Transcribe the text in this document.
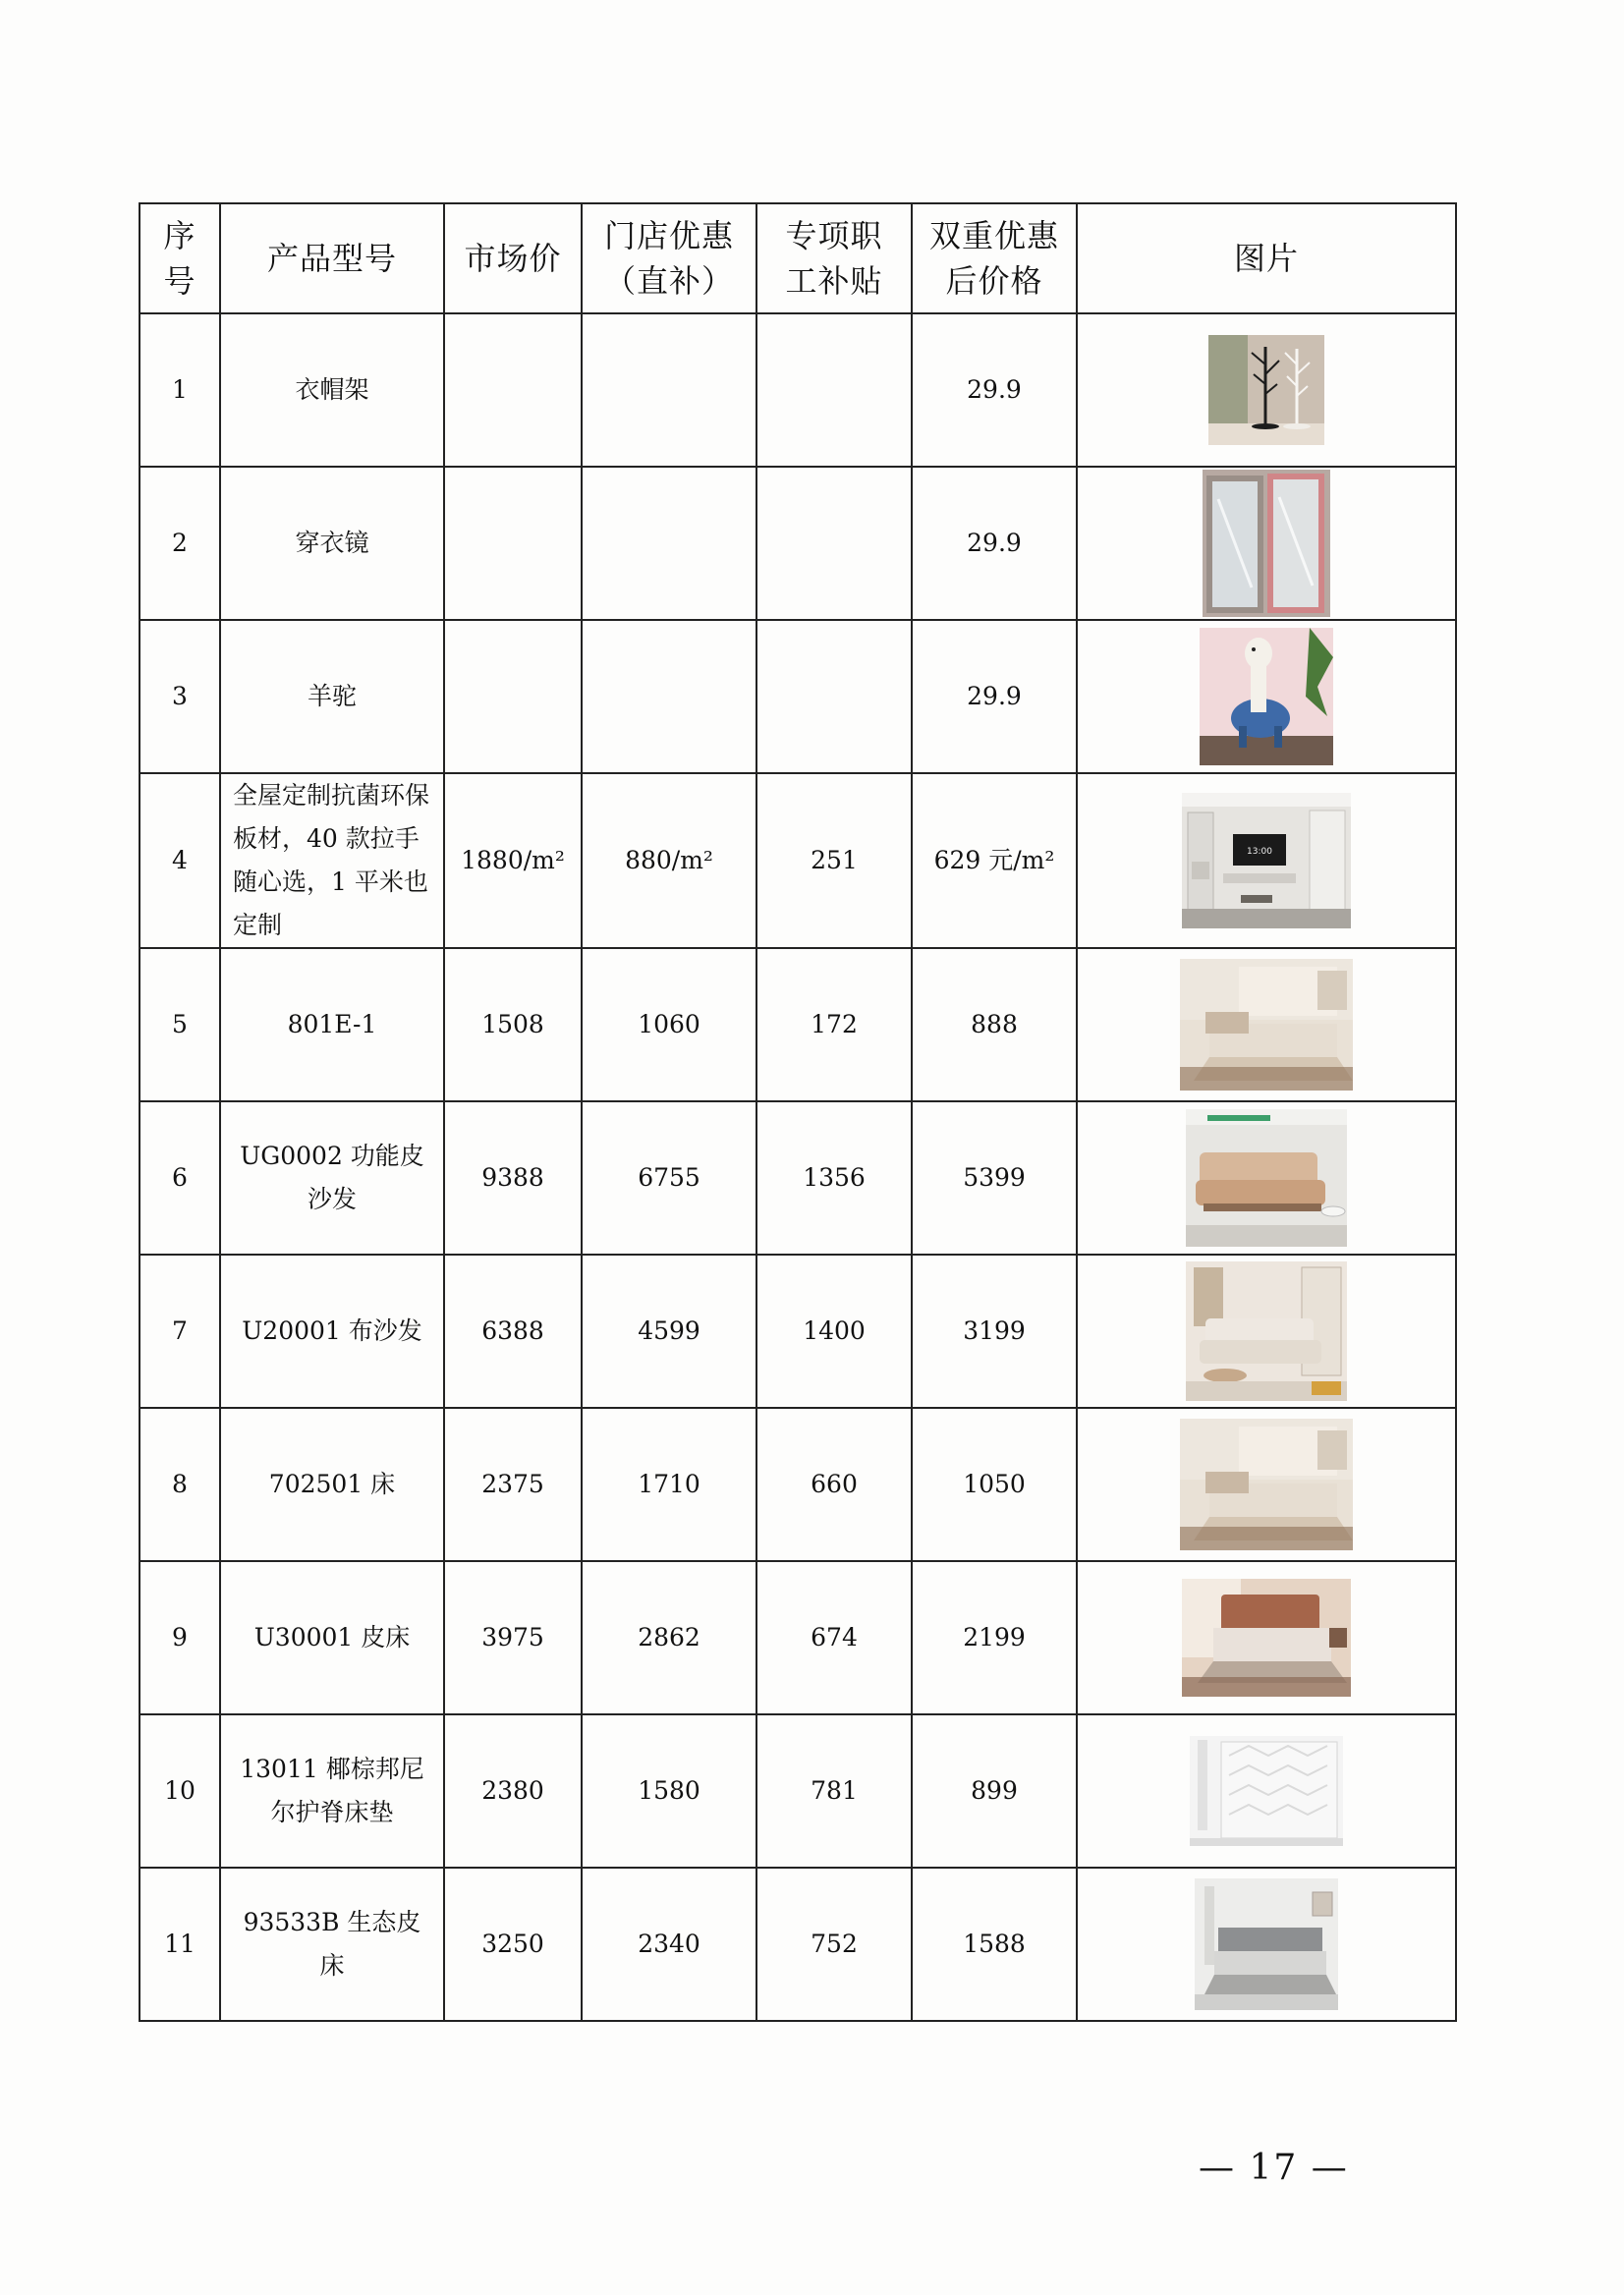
序号	产品型号	市场价	门店优惠（直补）	专项职工补贴	双重优惠后价格	图片
1	衣帽架				29.9	

2	穿衣镜				29.9	

3	羊驼				29.9	

4	全屋定制抗菌环保板材，40 款拉手随心选，1 平米也定制	1880/m²	880/m²	251	629 元/m²	13:00

5	801E-1	1508	1060	172	888	

6	UG0002 功能皮沙发	9388	6755	1356	5399	

7	U20001 布沙发	6388	4599	1400	3199	

8	702501 床	2375	1710	660	1050	

9	U30001 皮床	3975	2862	674	2199	

10	13011 椰棕邦尼尔护脊床垫	2380	1580	781	899	

11	93533B 生态皮床	3250	2340	752	1588	
— 17 —
